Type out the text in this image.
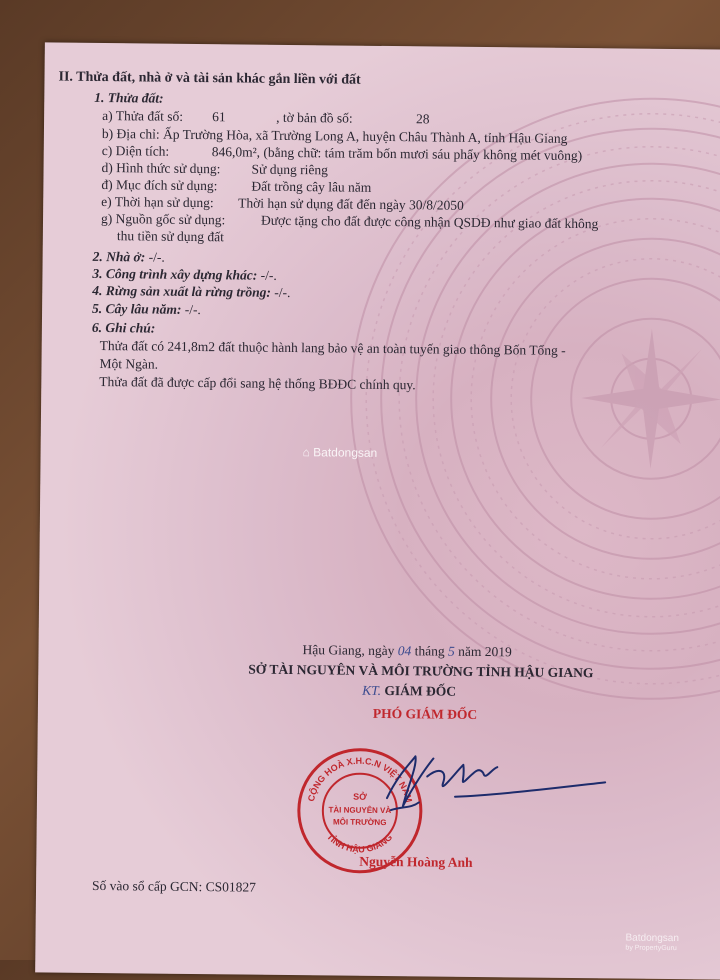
⌂ Batdongsan
II. Thửa đất, nhà ở và tài sản khác gắn liền với đất
1. Thửa đất:
a) Thửa đất số: 61	, tờ bản đồ số:	28
b) Địa chỉ: Ấp Trường Hòa, xã Trường Long A, huyện Châu Thành A, tỉnh Hậu Giang
c) Diện tích:	846,0m², (bằng chữ: tám trăm bốn mươi sáu phẩy không mét vuông)
d) Hình thức sử dụng: Sử dụng riêng
đ) Mục đích sử dụng:	Đất trồng cây lâu năm
e) Thời hạn sử dụng: Thời hạn sử dụng đất đến ngày 30/8/2050
g) Nguồn gốc sử dụng:	Được tặng cho đất được công nhận QSDĐ như giao đất không
thu tiền sử dụng đất
2. Nhà ở: -/-.
3. Công trình xây dựng khác: -/-.
4. Rừng sản xuất là rừng trồng: -/-.
5. Cây lâu năm: -/-.
6. Ghi chú:
Thửa đất có 241,8m2 đất thuộc hành lang bảo vệ an toàn tuyến giao thông Bốn Tổng -
Một Ngàn.
Thửa đất đã được cấp đổi sang hệ thống BĐĐC chính quy.
Hậu Giang, ngày 04 tháng 5 năm 2019
SỞ TÀI NGUYÊN VÀ MÔI TRƯỜNG TỈNH HẬU GIANG
KT. GIÁM ĐỐC
PHÓ GIÁM ĐỐC
Nguyễn Hoàng Anh
Số vào sổ cấp GCN: CS01827
CỘNG HOÀ X.H.C.N VIỆT NAM
TỈNH HẬU GIANG
SỞ
TÀI NGUYÊN VÀ
MÔI TRƯỜNG
Batdongsan
by PropertyGuru
